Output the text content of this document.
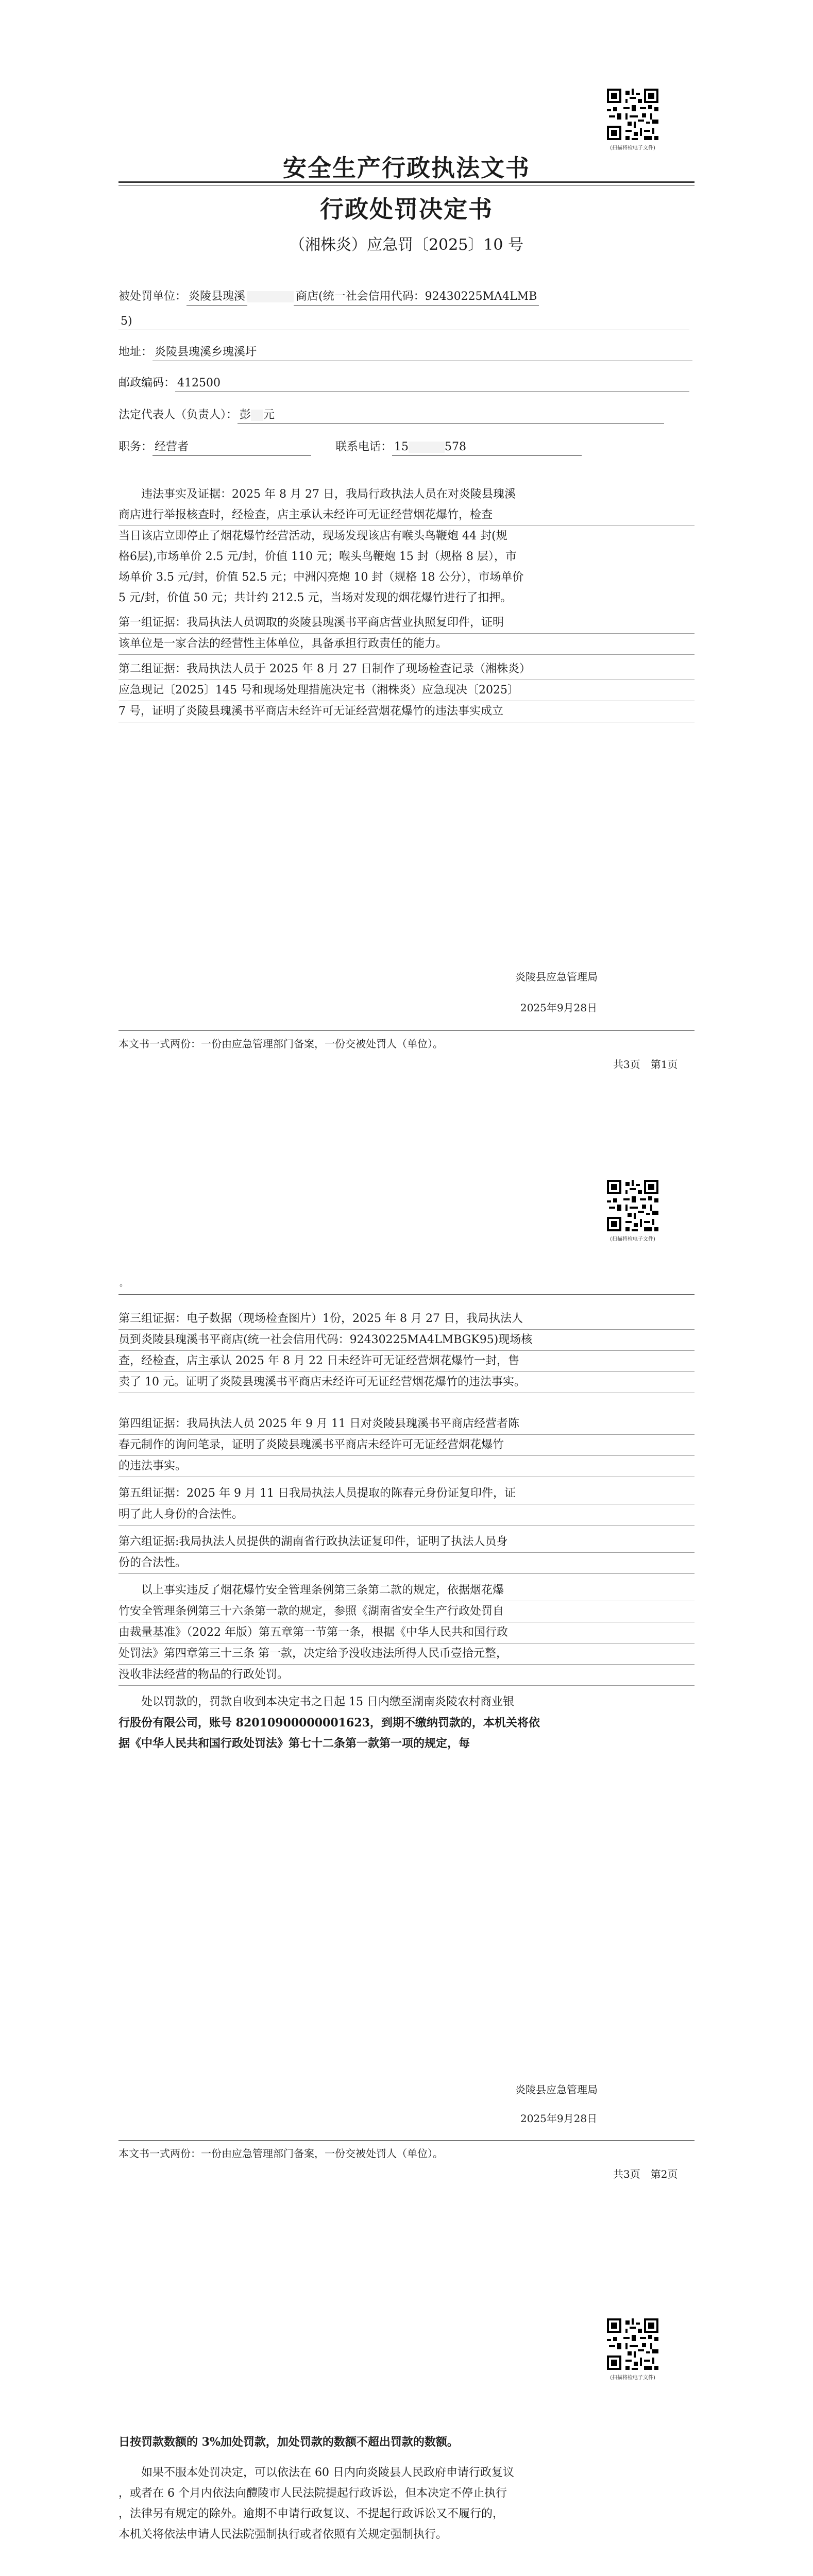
(扫描将检电子文件)
安全生产行政执法文书
行政处罚决定书
（湘株炎）应急罚〔2025〕10 号
被处罚单位： 炎陵县瑰溪	商店(统一社会信用代码：92430225MA4LMB
5)
地址： 炎陵县瑰溪乡瑰溪圩
邮政编码： 412500
法定代表人（负责人）： 彭 元
职务： 经营者	联系电话： 15	578
违法事实及证据：2025 年 8 月 27 日，我局行政执法人员在对炎陵县瑰溪
商店进行举报核查时，经检查，店主承认未经许可无证经营烟花爆竹，检查
当日该店立即停止了烟花爆竹经营活动，现场发现该店有喉头鸟鞭炮 44 封(规
格6层),市场单价 2.5 元/封，价值 110 元；喉头鸟鞭炮 15 封（规格 8 层），市
场单价 3.5 元/封，价值 52.5 元；中洲闪亮炮 10 封（规格 18 公分），市场单价
5 元/封，价值 50 元；共计约 212.5 元，当场对发现的烟花爆竹进行了扣押。
第一组证据：我局执法人员调取的炎陵县瑰溪书平商店营业执照复印件，证明
该单位是一家合法的经营性主体单位，具备承担行政责任的能力。
第二组证据：我局执法人员于 2025 年 8 月 27 日制作了现场检查记录（湘株炎）
应急现记〔2025〕145 号和现场处理措施决定书（湘株炎）应急现决〔2025〕
7 号，证明了炎陵县瑰溪书平商店未经许可无证经营烟花爆竹的违法事实成立
炎陵县应急管理局
2025年9月28日
本文书一式两份：一份由应急管理部门备案，一份交被处罚人（单位）。
共3页　第1页
(扫描将检电子文件)
。
第三组证据：电子数据（现场检查图片）1份，2025 年 8 月 27 日，我局执法人
员到炎陵县瑰溪书平商店(统一社会信用代码：92430225MA4LMBGK95)现场核
查，经检查，店主承认 2025 年 8 月 22 日未经许可无证经营烟花爆竹一封，售
卖了 10 元。证明了炎陵县瑰溪书平商店未经许可无证经营烟花爆竹的违法事实。
第四组证据：我局执法人员 2025 年 9 月 11 日对炎陵县瑰溪书平商店经营者陈
春元制作的询问笔录，证明了炎陵县瑰溪书平商店未经许可无证经营烟花爆竹
的违法事实。
第五组证据：2025 年 9 月 11 日我局执法人员提取的陈春元身份证复印件，证
明了此人身份的合法性。
第六组证据:我局执法人员提供的湖南省行政执法证复印件，证明了执法人员身
份的合法性。
以上事实违反了烟花爆竹安全管理条例第三条第二款的规定，依据烟花爆
竹安全管理条例第三十六条第一款的规定，参照《湖南省安全生产行政处罚自
由裁量基准》（2022 年版）第五章第一节第一条，根据《中华人民共和国行政
处罚法》第四章第三十三条 第一款，决定给予没收违法所得人民币壹拾元整，
没收非法经营的物品的行政处罚。
处以罚款的，罚款自收到本决定书之日起 15 日内缴至湖南炎陵农村商业银
行股份有限公司，账号 82010900000001623，到期不缴纳罚款的，本机关将依
据《中华人民共和国行政处罚法》第七十二条第一款第一项的规定，每
炎陵县应急管理局
2025年9月28日
本文书一式两份：一份由应急管理部门备案，一份交被处罚人（单位）。
共3页　第2页
(扫描将检电子文件)
日按罚款数额的 3%加处罚款，加处罚款的数额不超出罚款的数额。
如果不服本处罚决定，可以依法在 60 日内向炎陵县人民政府申请行政复议
，或者在 6 个月内依法向醴陵市人民法院提起行政诉讼，但本决定不停止执行
，法律另有规定的除外。逾期不申请行政复议、不提起行政诉讼又不履行的，
本机关将依法申请人民法院强制执行或者依照有关规定强制执行。
